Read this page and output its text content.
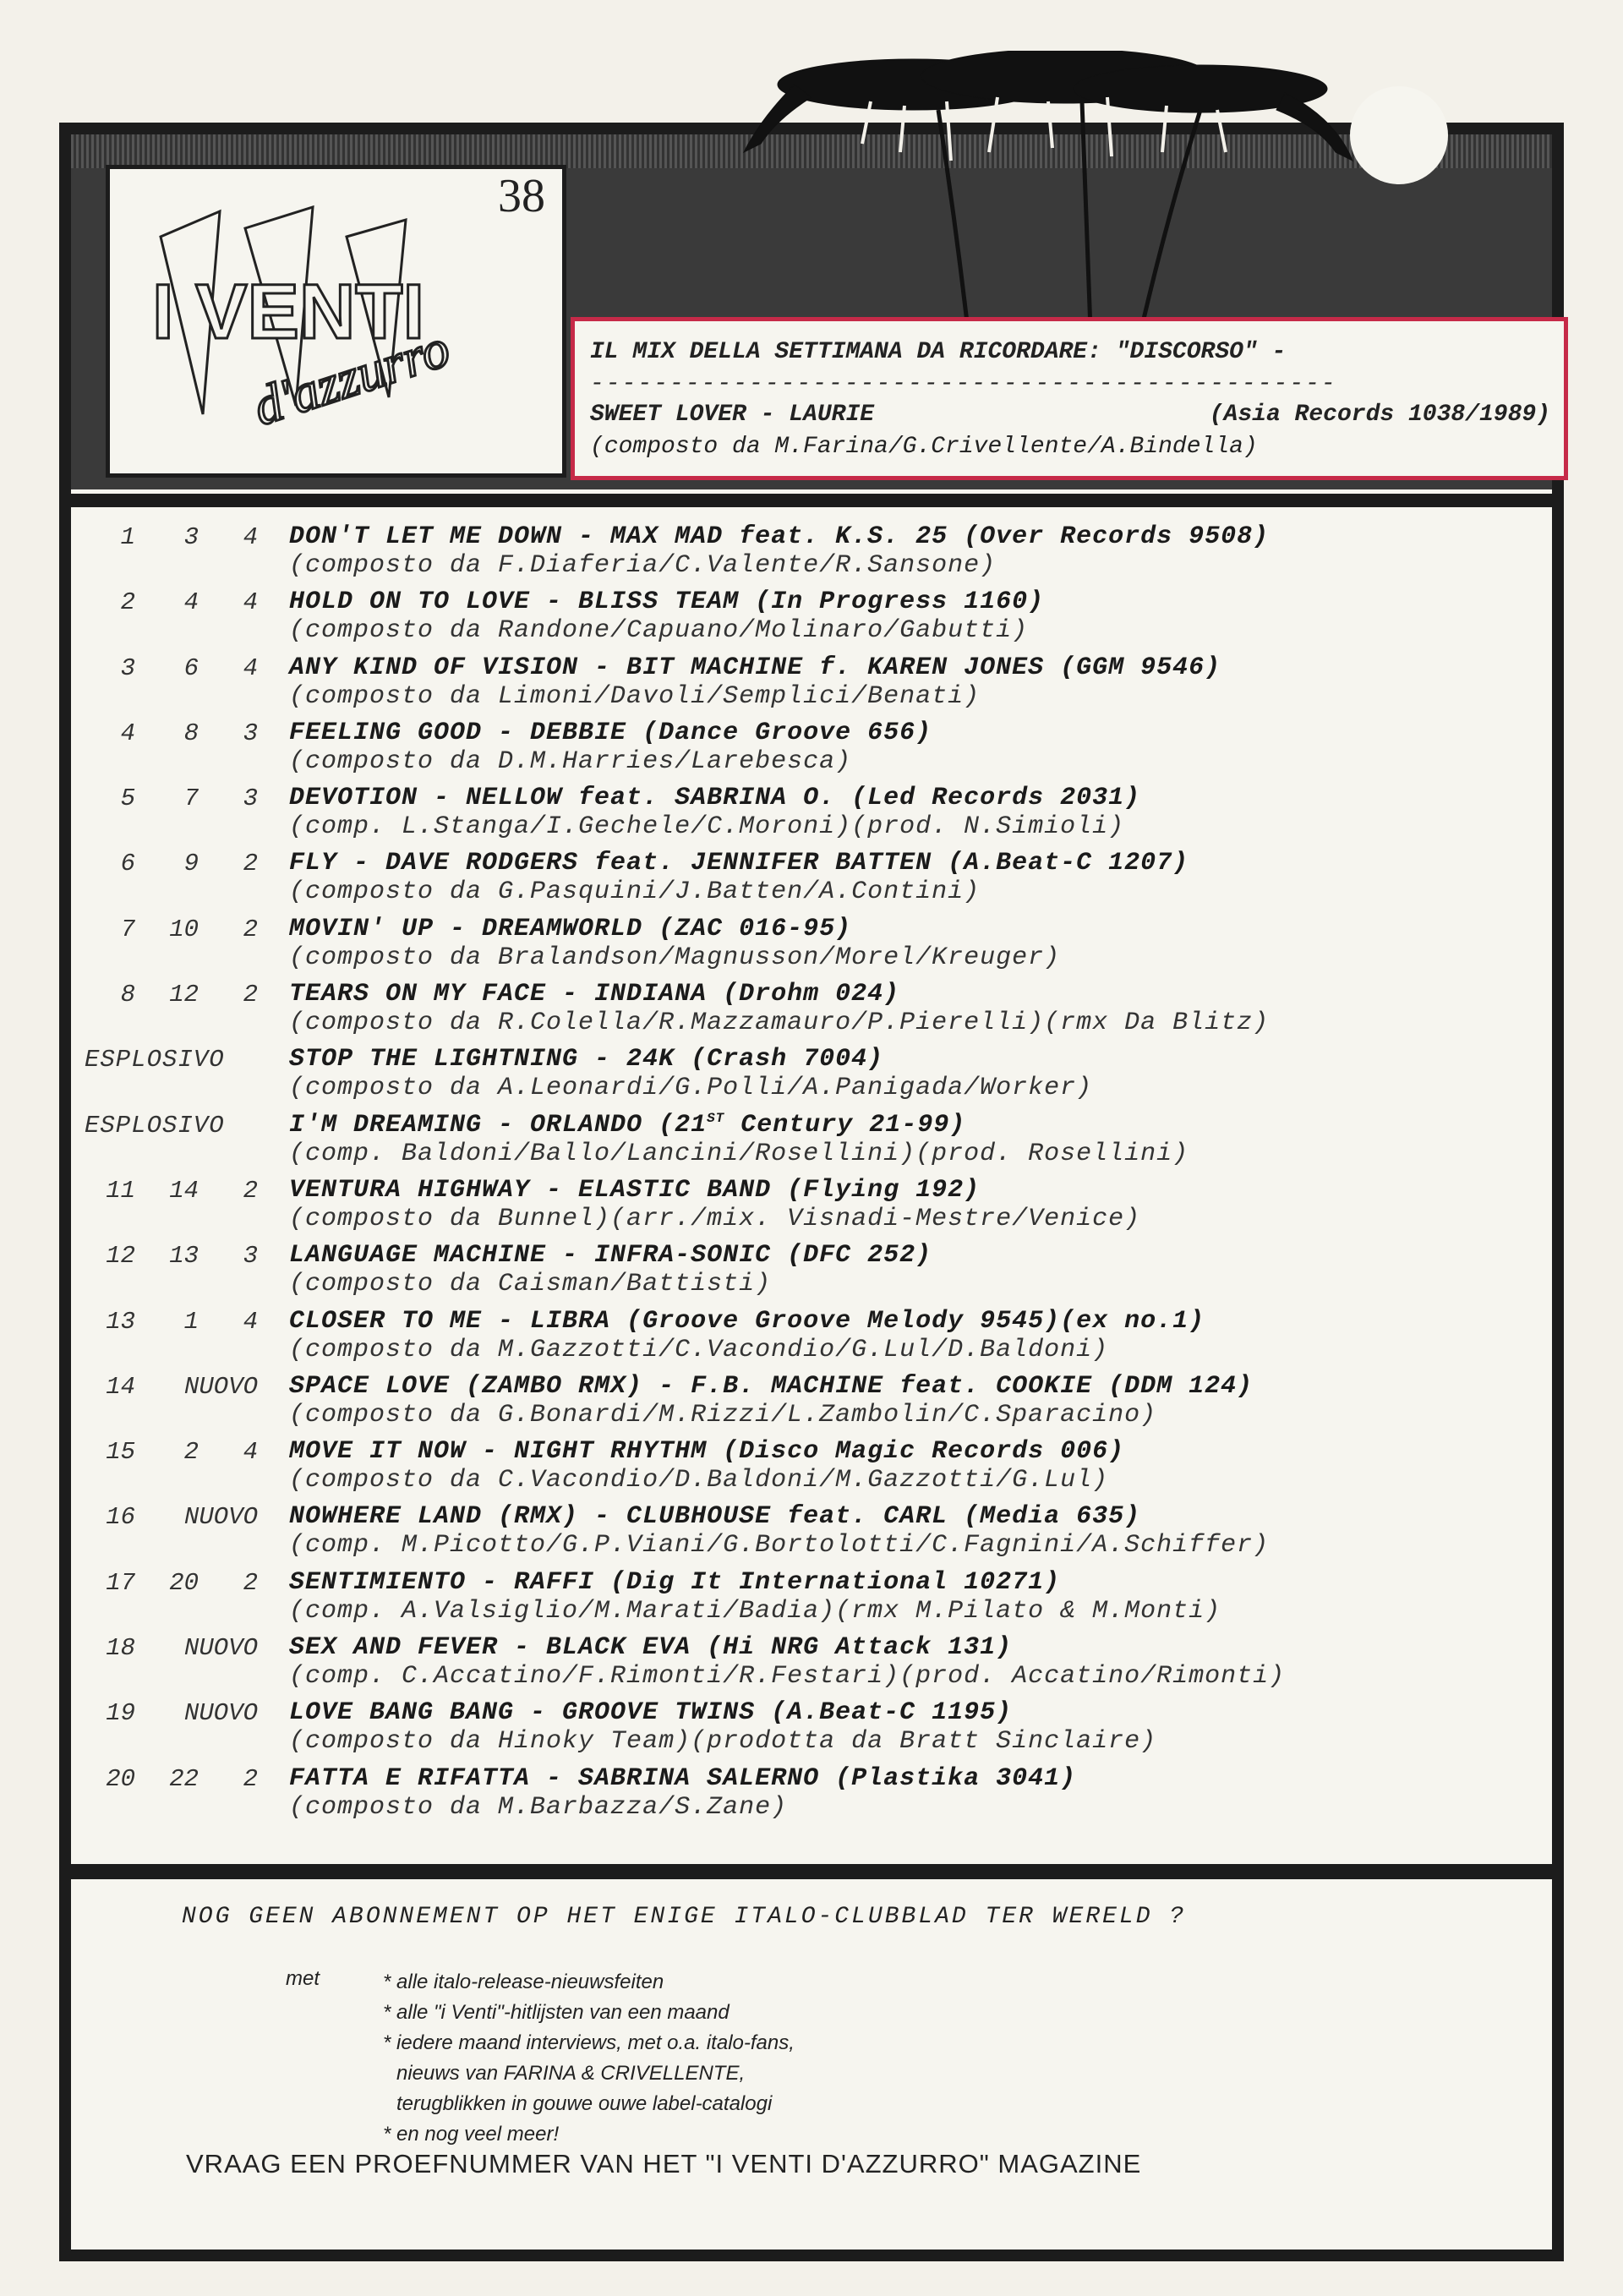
38
I VENTI
d'azzurro	IL MIX DELLA SETTIMANA DA RICORDARE: "DISCORSO" -
-----------------------------------------------
SWEET LOVER - LAURIE	(Asia Records 1038/1989)
(composto da M.Farina/G.Crivellente/A.Bindella)
1	3	4 DON'T LET ME DOWN - MAX MAD feat. K.S. 25 (Over Records 9508)
(composto da F.Diaferia/C.Valente/R.Sansone)
2	4	4 HOLD ON TO LOVE - BLISS TEAM (In Progress 1160)
(composto da Randone/Capuano/Molinaro/Gabutti)
3	6	4 ANY KIND OF VISION - BIT MACHINE f. KAREN JONES (GGM 9546)
(composto da Limoni/Davoli/Semplici/Benati)
4	8	3 FEELING GOOD - DEBBIE (Dance Groove 656)
(composto da D.M.Harries/Larebesca)
5	7	3 DEVOTION - NELLOW feat. SABRINA O. (Led Records 2031)
(comp. L.Stanga/I.Gechele/C.Moroni)(prod. N.Simioli)
6	9	2 FLY - DAVE RODGERS feat. JENNIFER BATTEN (A.Beat-C 1207)
(composto da G.Pasquini/J.Batten/A.Contini)
7	10	2 MOVIN' UP - DREAMWORLD (ZAC 016-95)
(composto da Bralandson/Magnusson/Morel/Kreuger)
8	12	2 TEARS ON MY FACE - INDIANA (Drohm 024)
(composto da R.Colella/R.Mazzamauro/P.Pierelli)(rmx Da Blitz)
ESPLOSIVO	STOP THE LIGHTNING - 24K (Crash 7004)
(composto da A.Leonardi/G.Polli/A.Panigada/Worker)
ESPLOSIVO	I'M DREAMING - ORLANDO (21ST Century 21-99)
(comp. Baldoni/Ballo/Lancini/Rosellini)(prod. Rosellini)
11	14	2 VENTURA HIGHWAY - ELASTIC BAND (Flying 192)
(composto da Bunnel)(arr./mix. Visnadi-Mestre/Venice)
12	13	3 LANGUAGE MACHINE - INFRA-SONIC (DFC 252)
(composto da Caisman/Battisti)
13	1	4 CLOSER TO ME - LIBRA (Groove Groove Melody 9545)(ex no.1)
(composto da M.Gazzotti/C.Vacondio/G.Lul/D.Baldoni)
14	NUOVO SPACE LOVE (ZAMBO RMX) - F.B. MACHINE feat. COOKIE (DDM 124)
(composto da G.Bonardi/M.Rizzi/L.Zambolin/C.Sparacino)
15	2	4 MOVE IT NOW - NIGHT RHYTHM (Disco Magic Records 006)
(composto da C.Vacondio/D.Baldoni/M.Gazzotti/G.Lul)
16	NUOVO NOWHERE LAND (RMX) - CLUBHOUSE feat. CARL (Media 635)
(comp. M.Picotto/G.P.Viani/G.Bortolotti/C.Fagnini/A.Schiffer)
17	20	2 SENTIMIENTO - RAFFI (Dig It International 10271)
(comp. A.Valsiglio/M.Marati/Badia)(rmx M.Pilato & M.Monti)
18	NUOVO SEX AND FEVER - BLACK EVA (Hi NRG Attack 131)
(comp. C.Accatino/F.Rimonti/R.Festari)(prod. Accatino/Rimonti)
19	NUOVO LOVE BANG BANG - GROOVE TWINS (A.Beat-C 1195)
(composto da Hinoky Team)(prodotta da Bratt Sinclaire)
20	22	2 FATTA E RIFATTA - SABRINA SALERNO (Plastika 3041)
(composto da M.Barbazza/S.Zane)
NOG GEEN ABONNEMENT OP HET ENIGE ITALO-CLUBBLAD TER WERELD ?
met	* alle italo-release-nieuwsfeiten
* alle "i Venti"-hitlijsten van een maand
* iedere maand interviews, met o.a. italo-fans,
nieuws van FARINA & CRIVELLENTE,
terugblikken in gouwe ouwe label-catalogi
* en nog veel meer!
VRAAG EEN PROEFNUMMER VAN HET "I VENTI D'AZZURRO" MAGAZINE
